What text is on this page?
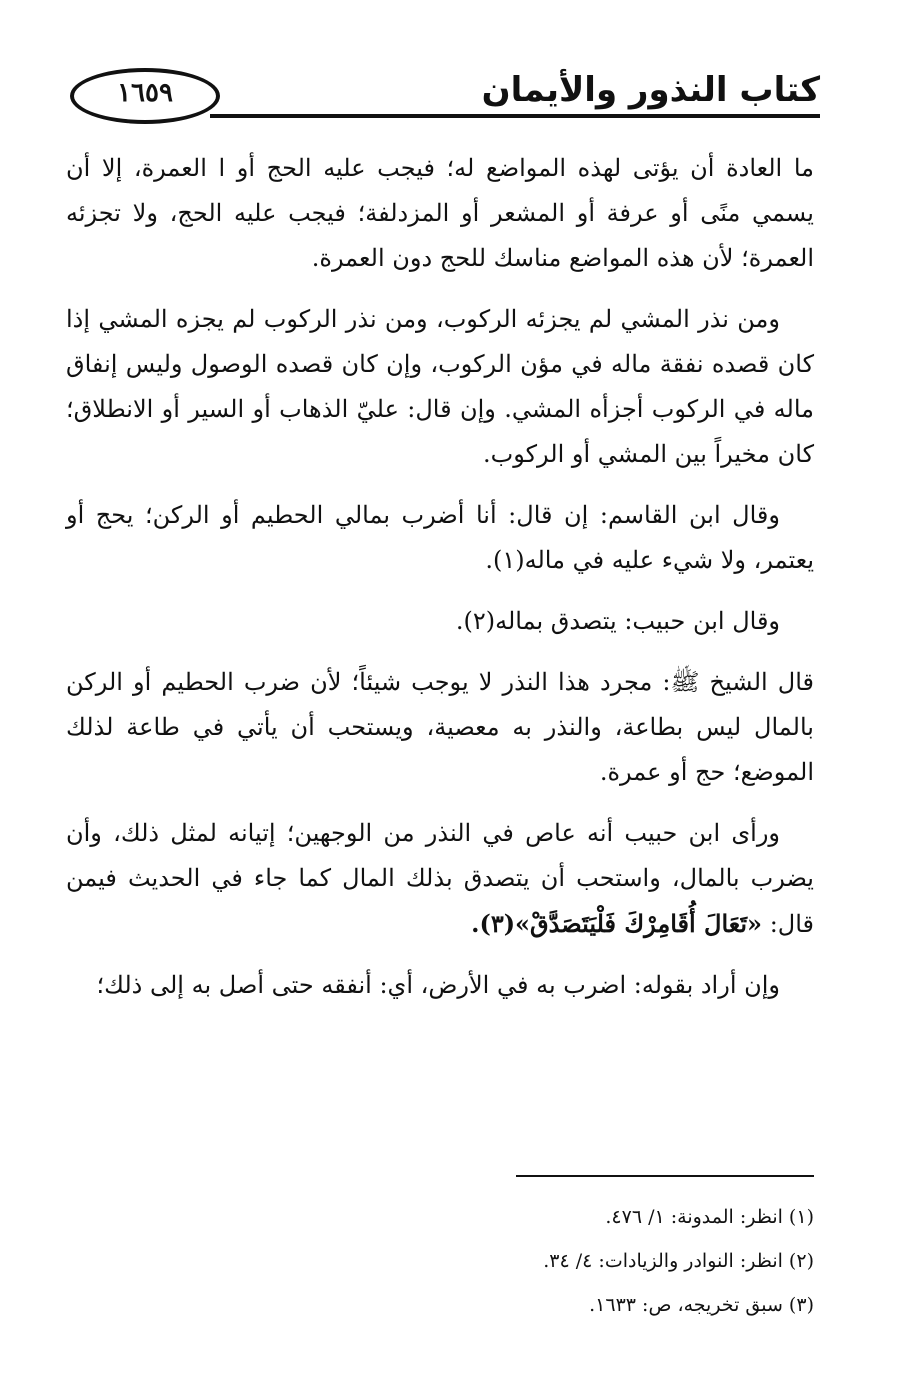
١٦٥٩	كتاب النذور والأيمان

ما العادة أن يؤتى لهذه المواضع له؛ فيجب عليه الحج أو ا العمرة، إلا أن يسمي منًى أو عرفة أو المشعر أو المزدلفة؛ فيجب عليه الحج، ولا تجزئه العمرة؛ لأن هذه المواضع مناسك للحج دون العمرة.

ومن نذر المشي لم يجزئه الركوب، ومن نذر الركوب لم يجزه المشي إذا كان قصده نفقة ماله في مؤن الركوب، وإن كان قصده الوصول وليس إنفاق ماله في الركوب أجزأه المشي. وإن قال: عليّ الذهاب أو السير أو الانطلاق؛ كان مخيراً بين المشي أو الركوب.

وقال ابن القاسم: إن قال: أنا أضرب بمالي الحطيم أو الركن؛ يحج أو يعتمر، ولا شيء عليه في ماله(١).

وقال ابن حبيب: يتصدق بماله(٢).

قال الشيخ ﷺ: مجرد هذا النذر لا يوجب شيئاً؛ لأن ضرب الحطيم أو الركن بالمال ليس بطاعة، والنذر به معصية، ويستحب أن يأتي في طاعة لذلك الموضع؛ حج أو عمرة.

ورأى ابن حبيب أنه عاص في النذر من الوجهين؛ إتيانه لمثل ذلك، وأن يضرب بالمال، واستحب أن يتصدق بذلك المال كما جاء في الحديث فيمن قال: «تَعَالَ أُقَامِرْكَ فَلْيَتَصَدَّقْ»(٣).

وإن أراد بقوله: اضرب به في الأرض، أي: أنفقه حتى أصل به إلى ذلك؛

(١) انظر: المدونة: ١/ ٤٧٦.
(٢) انظر: النوادر والزيادات: ٤/ ٣٤.
(٣) سبق تخريجه، ص: ١٦٣٣.
